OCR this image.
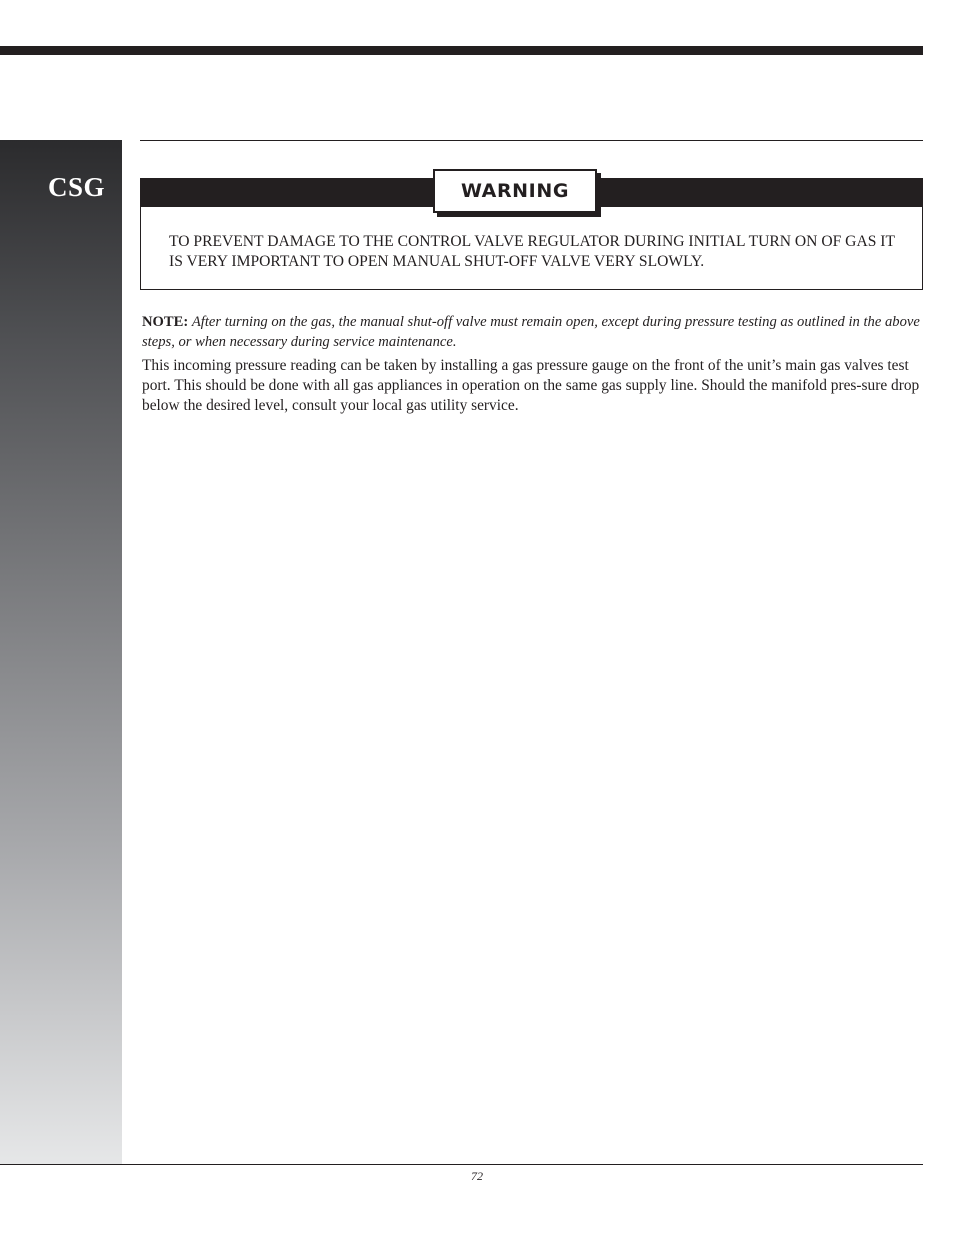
CSG	WARNING
TO PREVENT DAMAGE TO THE CONTROL VALVE REGULATOR DURING INITIAL TURN ON OF GAS IT IS VERY IMPORTANT TO OPEN MANUAL SHUT-OFF VALVE VERY SLOWLY.
NOTE: After turning on the gas, the manual shut-off valve must remain open, except during pressure testing as outlined in the above steps, or when necessary during service maintenance.
This incoming pressure reading can be taken by installing a gas pressure gauge on the front of the unit’s main gas valves test port. This should be done with all gas appliances in operation on the same gas supply line. Should the manifold pres-sure drop below the desired level, consult your local gas utility service.
72
